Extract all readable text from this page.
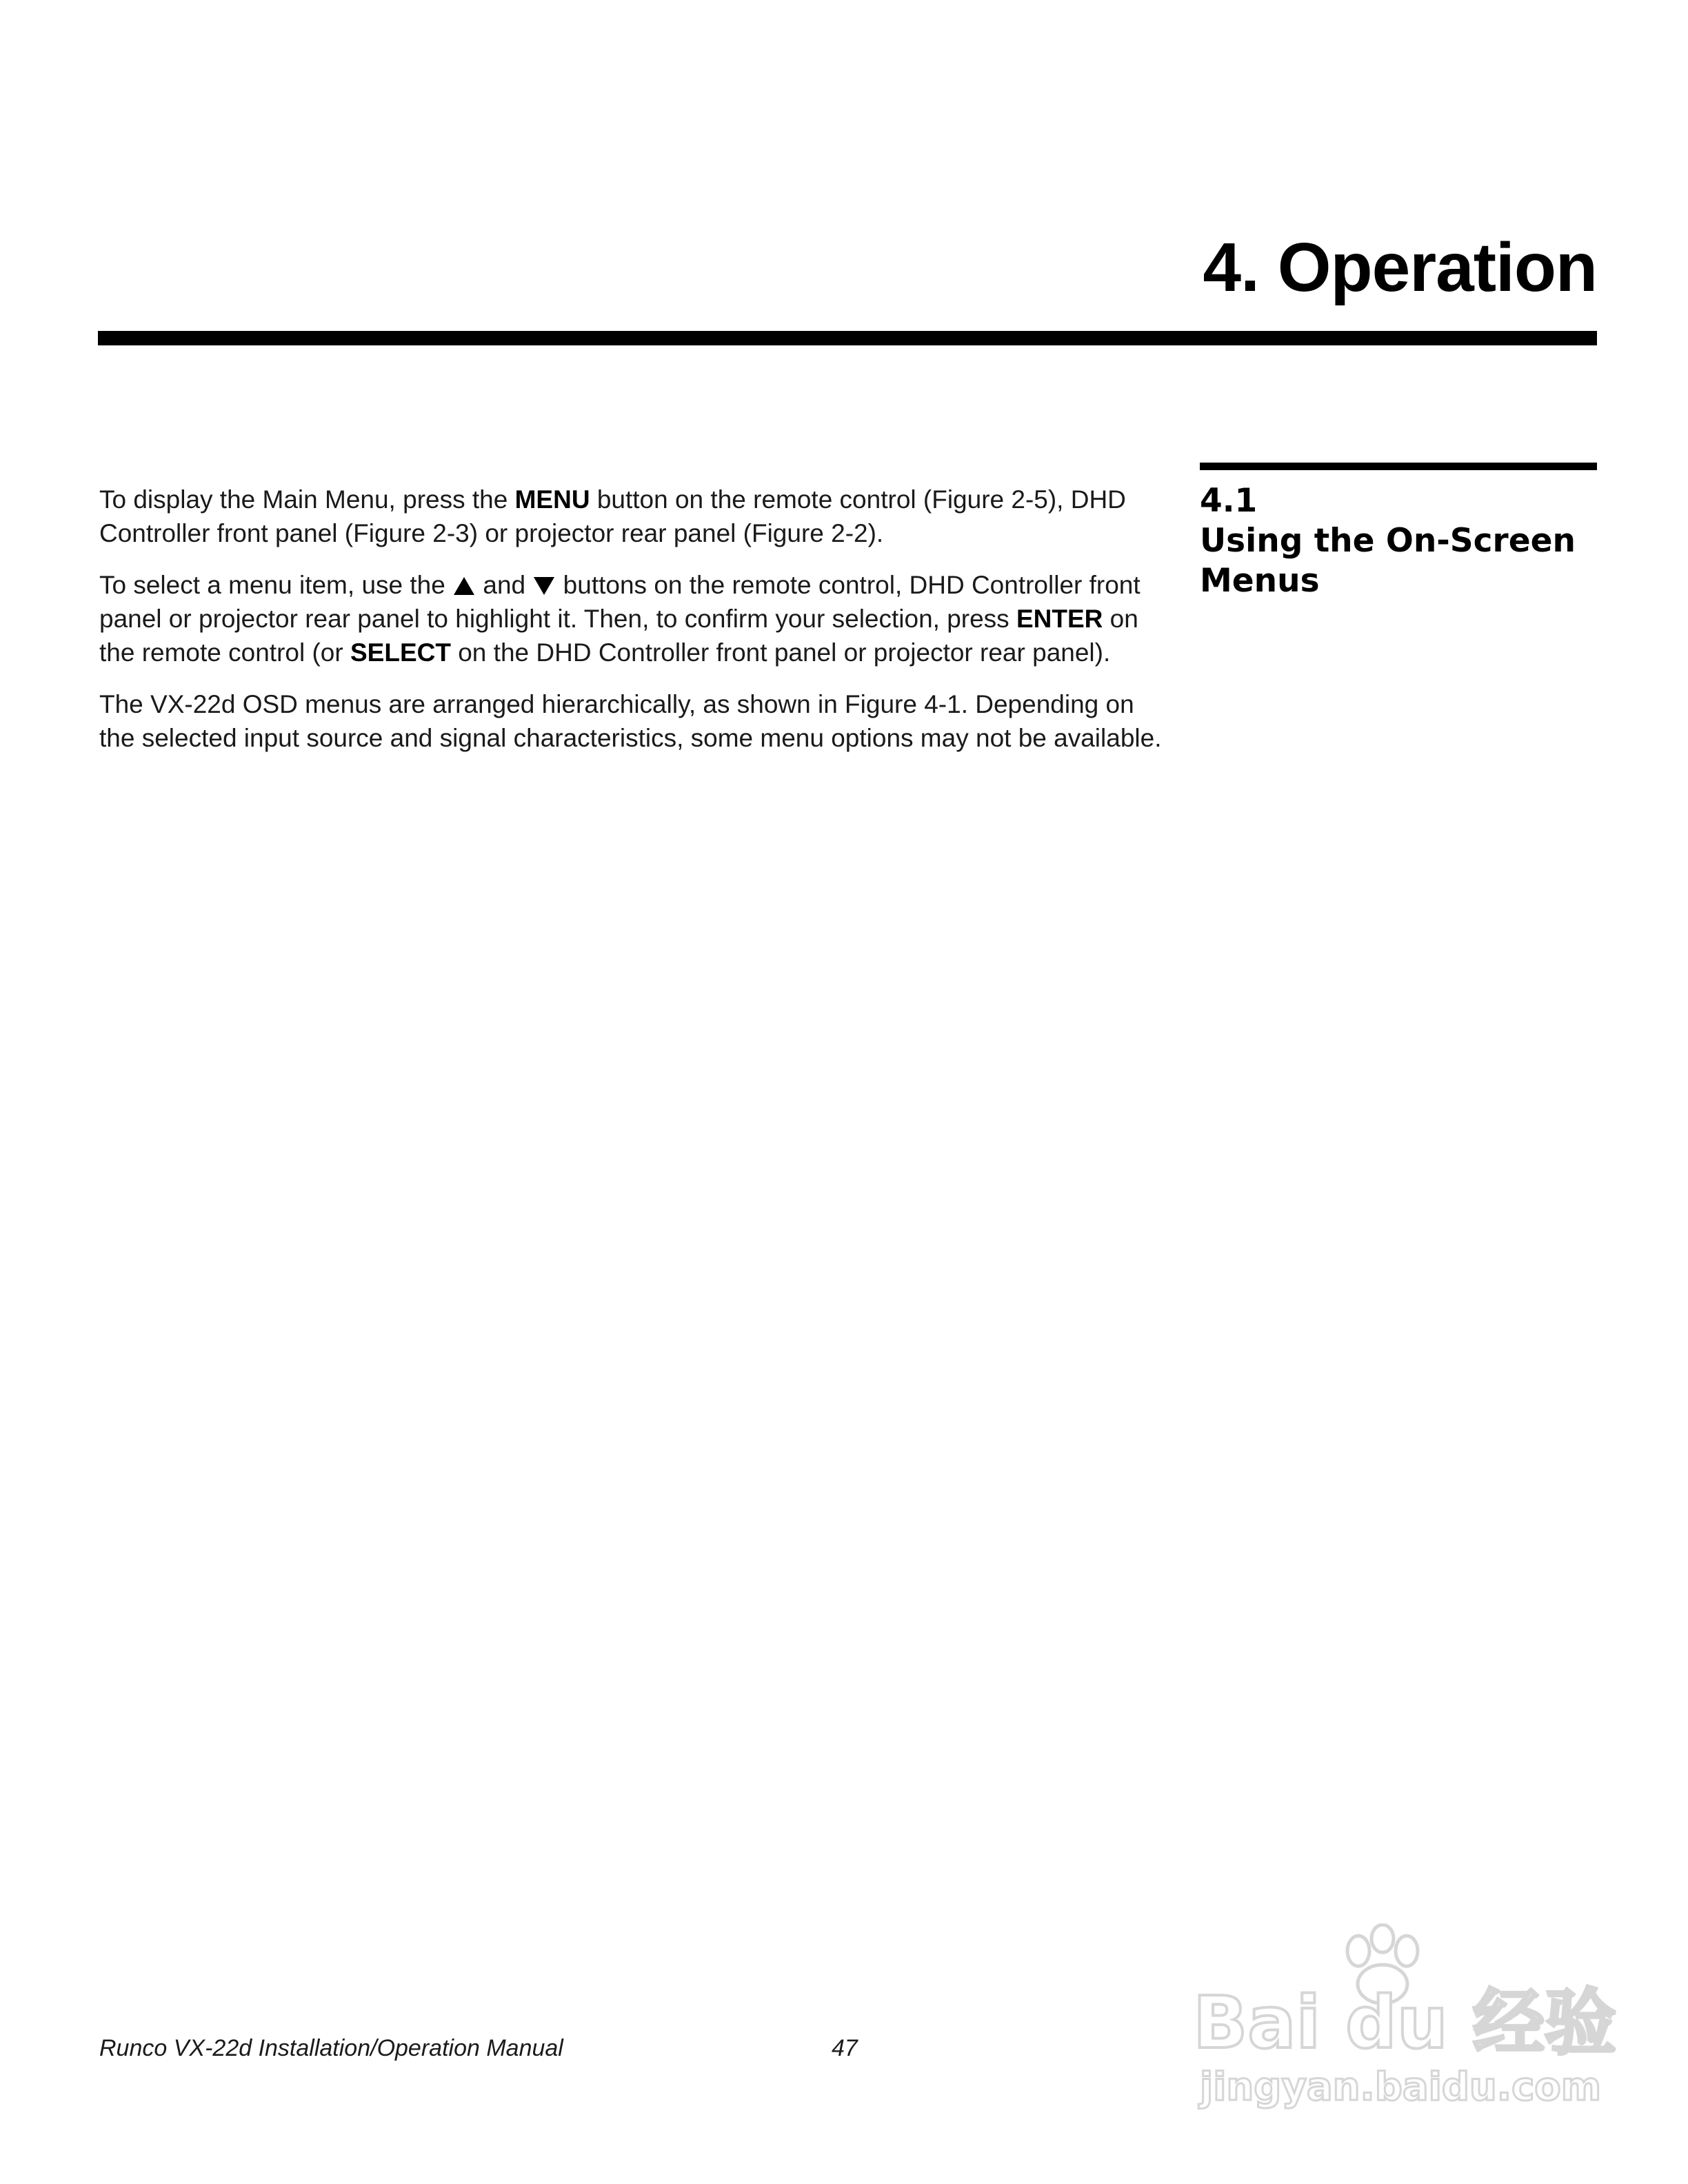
4. Operation
4.1
Using the On-Screen
Menus

To display the Main Menu, press the MENU button on the remote control (Figure 2-5), DHD Controller front panel (Figure 2-3) or projector rear panel (Figure 2-2).

To select a menu item, use the  and  buttons on the remote control, DHD Controller front panel or projector rear panel to highlight it. Then, to confirm your selection, press ENTER on the remote control (or SELECT on the DHD Controller front panel or projector rear panel).

The VX-22d OSD menus are arranged hierarchically, as shown in Figure 4-1. Depending on the selected input source and signal characteristics, some menu options may not be available.

Runco VX-22d Installation/Operation Manual	47	Bai du 经验
jingyan.baidu.com
